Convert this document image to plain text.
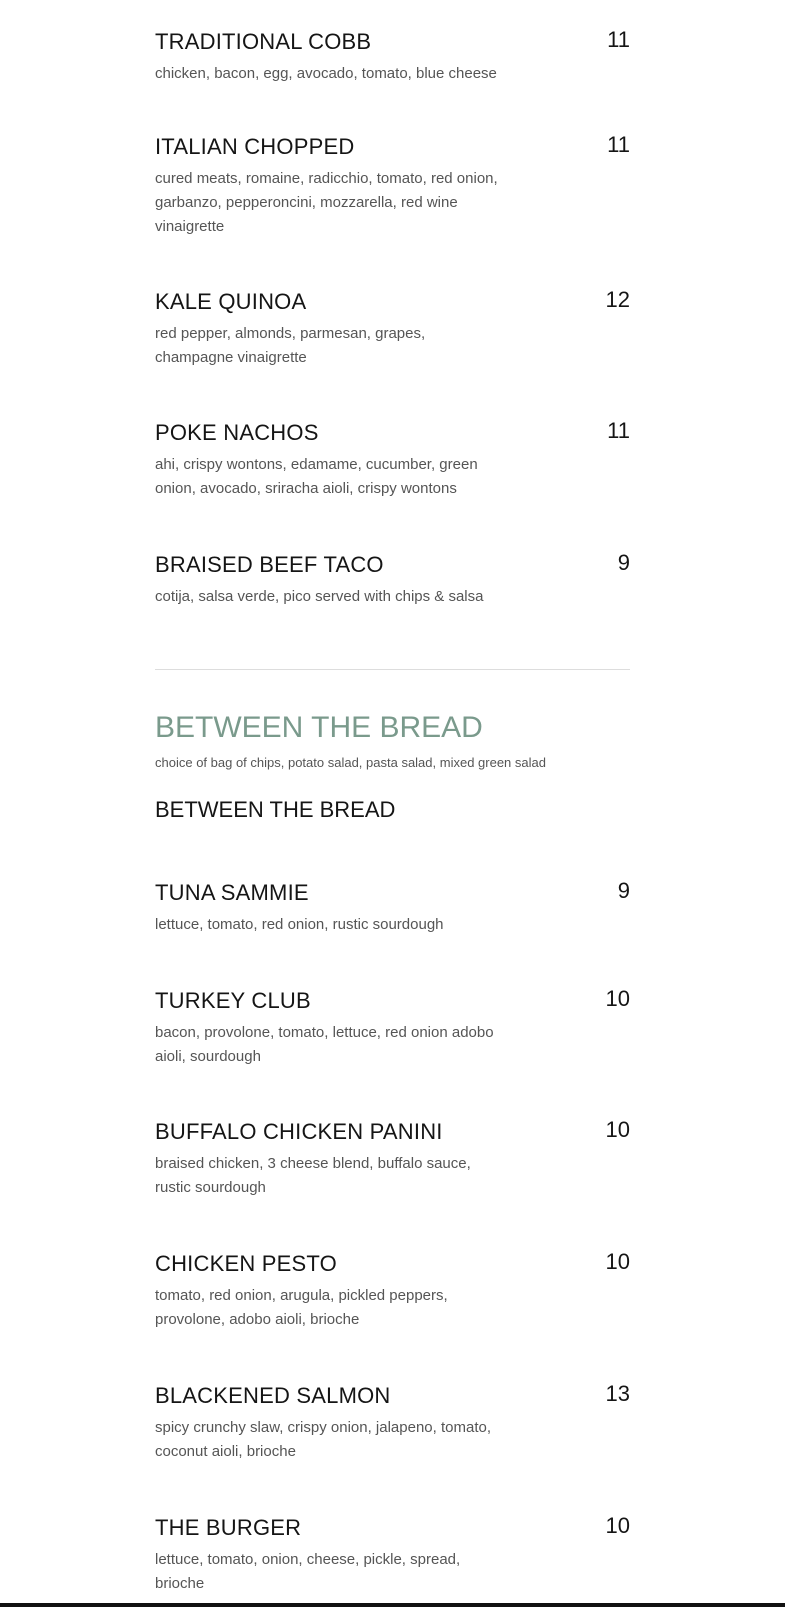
TRADITIONAL COBB	11
chicken, bacon, egg, avocado, tomato, blue cheese
ITALIAN CHOPPED	11
cured meats, romaine, radicchio, tomato, red onion, garbanzo, pepperoncini, mozzarella, red wine vinaigrette
KALE QUINOA	12
red pepper, almonds, parmesan, grapes, champagne vinaigrette
POKE NACHOS	11
ahi, crispy wontons, edamame, cucumber, green onion, avocado, sriracha aioli, crispy wontons
BRAISED BEEF TACO	9
cotija, salsa verde, pico served with chips & salsa
BETWEEN THE BREAD
choice of bag of chips, potato salad, pasta salad, mixed green salad
BETWEEN THE BREAD
TUNA SAMMIE	9
lettuce, tomato, red onion, rustic sourdough
TURKEY CLUB	10
bacon, provolone, tomato, lettuce, red onion adobo aioli, sourdough
BUFFALO CHICKEN PANINI	10
braised chicken, 3 cheese blend, buffalo sauce, rustic sourdough
CHICKEN PESTO	10
tomato, red onion, arugula, pickled peppers, provolone, adobo aioli, brioche
BLACKENED SALMON	13
spicy crunchy slaw, crispy onion, jalapeno, tomato, coconut aioli, brioche
THE BURGER	10
lettuce, tomato, onion, cheese, pickle, spread, brioche
